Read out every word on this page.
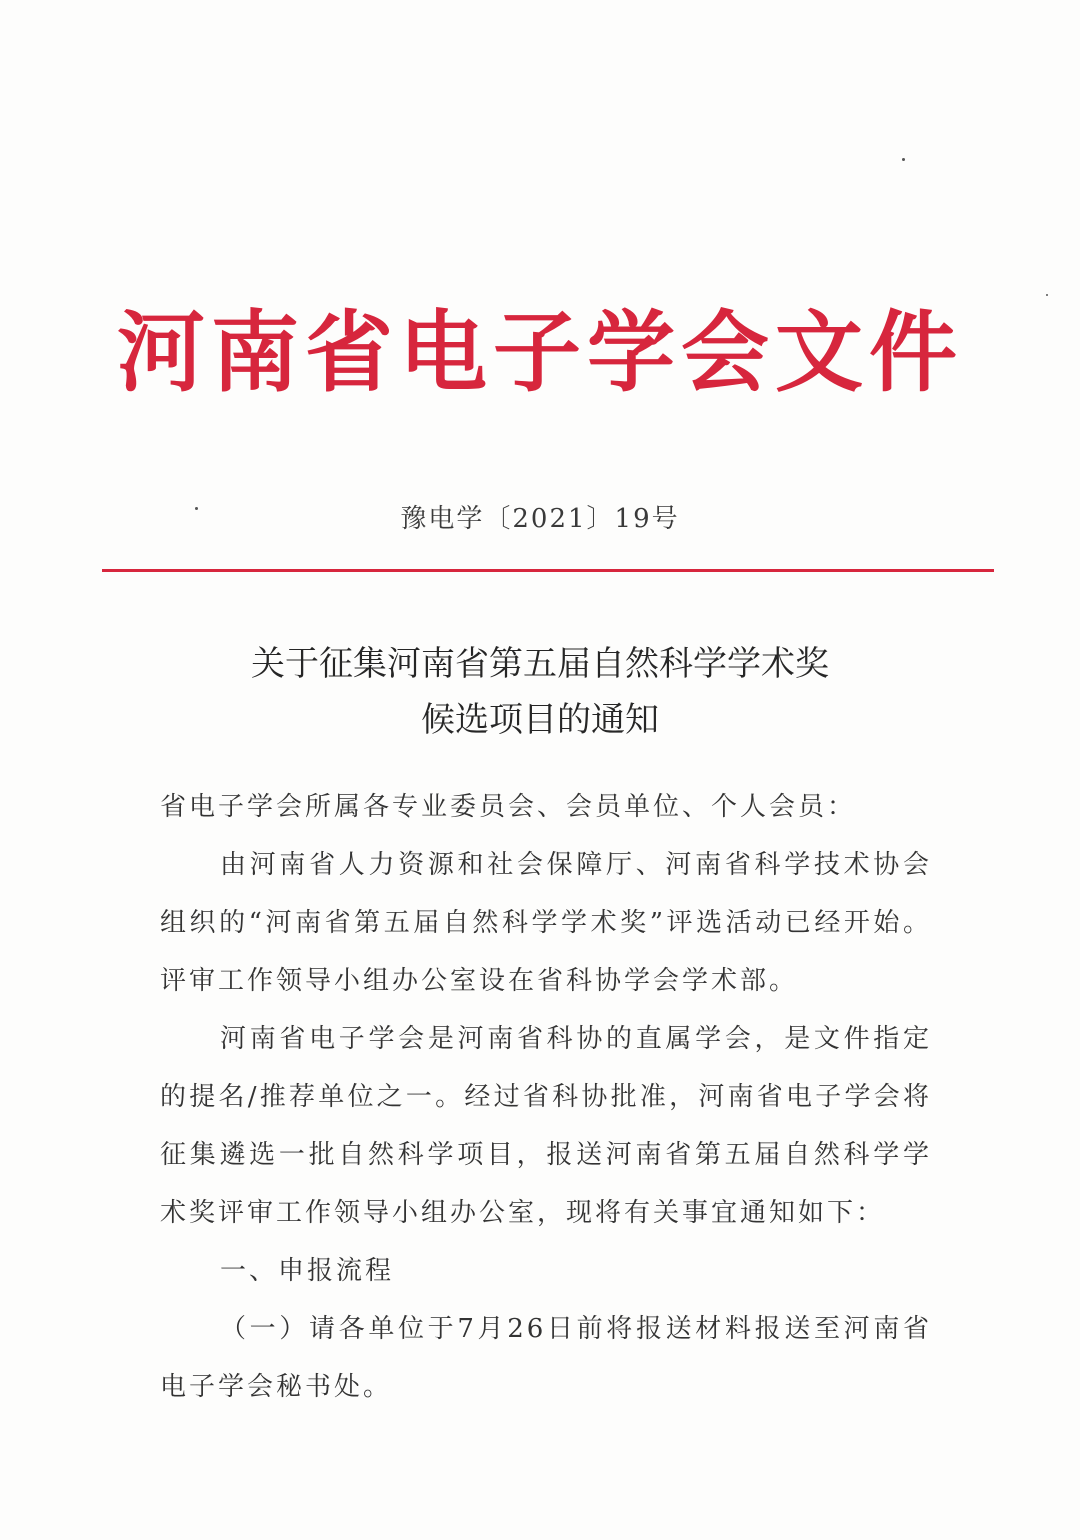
河南省电子学会文件
豫电学〔2021〕19号
关于征集河南省第五届自然科学学术奖
候选项目的通知

省电子学会所属各专业委员会、会员单位、个人会员：

由河南省人力资源和社会保障厅、河南省科学技术协会组织的“河南省第五届自然科学学术奖”评选活动已经开始。评审工作领导小组办公室设在省科协学会学术部。

河南省电子学会是河南省科协的直属学会，是文件指定的提名/推荐单位之一。经过省科协批准，河南省电子学会将征集遴选一批自然科学项目，报送河南省第五届自然科学学术奖评审工作领导小组办公室，现将有关事宜通知如下：

一、申报流程

（一）请各单位于7月26日前将报送材料报送至河南省电子学会秘书处。
